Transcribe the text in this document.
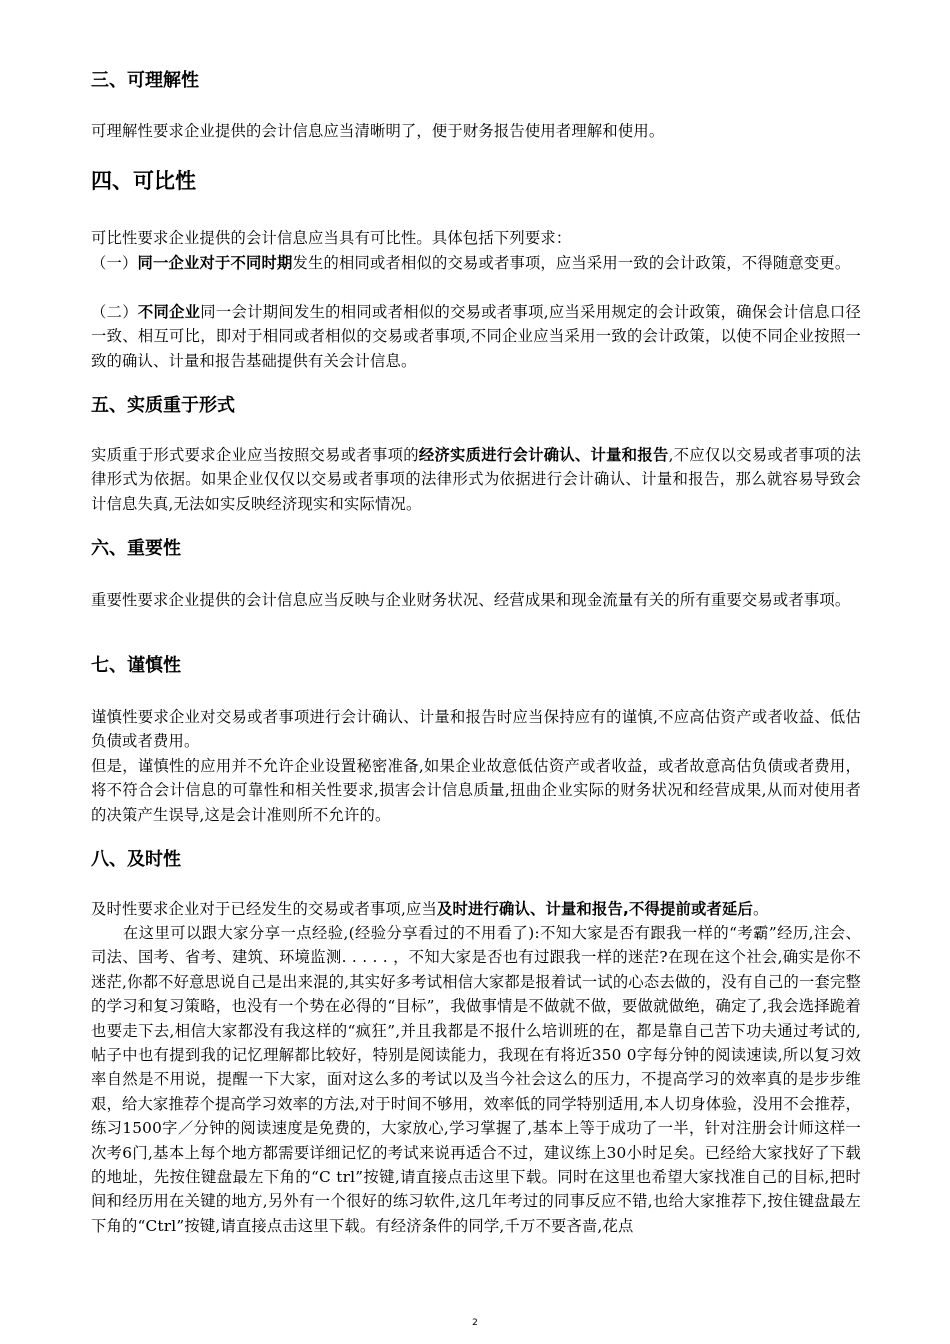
三、可理解性

可理解性要求企业提供的会计信息应当清晰明了，便于财务报告使用者理解和使用。

四、可比性

可比性要求企业提供的会计信息应当具有可比性。具体包括下列要求：

（一）同一企业对于不同时期发生的相同或者相似的交易或者事项，应当采用一致的会计政策，不得随意变更。

（二）不同企业同一会计期间发生的相同或者相似的交易或者事项,应当采用规定的会计政策，确保会计信息口径一致、相互可比，即对于相同或者相似的交易或者事项,不同企业应当采用一致的会计政策，以使不同企业按照一致的确认、计量和报告基础提供有关会计信息。

五、实质重于形式

实质重于形式要求企业应当按照交易或者事项的经济实质进行会计确认、计量和报告,不应仅以交易或者事项的法律形式为依据。如果企业仅仅以交易或者事项的法律形式为依据进行会计确认、计量和报告，那么就容易导致会计信息失真,无法如实反映经济现实和实际情况。

六、重要性

重要性要求企业提供的会计信息应当反映与企业财务状况、经营成果和现金流量有关的所有重要交易或者事项。

七、谨慎性

谨慎性要求企业对交易或者事项进行会计确认、计量和报告时应当保持应有的谨慎,不应高估资产或者收益、低估负债或者费用。

但是，谨慎性的应用并不允许企业设置秘密准备,如果企业故意低估资产或者收益，或者故意高估负债或者费用，将不符合会计信息的可靠性和相关性要求,损害会计信息质量,扭曲企业实际的财务状况和经营成果,从而对使用者的决策产生误导,这是会计准则所不允许的。

八、及时性

及时性要求企业对于已经发生的交易或者事项,应当及时进行确认、计量和报告,不得提前或者延后。

在这里可以跟大家分享一点经验,(经验分享看过的不用看了):不知大家是否有跟我一样的“考霸”经历,注会、司法、国考、省考、建筑、环境监测. . . . . ，不知大家是否也有过跟我一样的迷茫?在现在这个社会,确实是你不迷茫,你都不好意思说自己是出来混的,其实好多考试相信大家都是报着试一试的心态去做的，没有自己的一套完整的学习和复习策略，也没有一个势在必得的“目标”，我做事情是不做就不做，要做就做绝，确定了,我会选择跪着也要走下去,相信大家都没有我这样的“疯狂”,并且我都是不报什么培训班的在，都是靠自己苦下功夫通过考试的,帖子中也有提到我的记忆理解都比较好，特别是阅读能力，我现在有将近350 0字每分钟的阅读速读,所以复习效率自然是不用说，提醒一下大家，面对这么多的考试以及当今社会这么的压力，不提高学习的效率真的是步步维艰，给大家推荐个提高学习效率的方法,对于时间不够用，效率低的同学特别适用,本人切身体验，没用不会推荐，练习1500字／分钟的阅读速度是免费的，大家放心,学习掌握了,基本上等于成功了一半，针对注册会计师这样一次考6门,基本上每个地方都需要详细记忆的考试来说再适合不过，建议练上30小时足矣。已经给大家找好了下载的地址，先按住键盘最左下角的“C trl”按键,请直接点击这里下载。同时在这里也希望大家找准自己的目标,把时间和经历用在关键的地方,另外有一个很好的练习软件,这几年考过的同事反应不错,也给大家推荐下,按住键盘最左下角的“Ctrl”按键,请直接点击这里下载。有经济条件的同学,千万不要吝啬,花点

2
